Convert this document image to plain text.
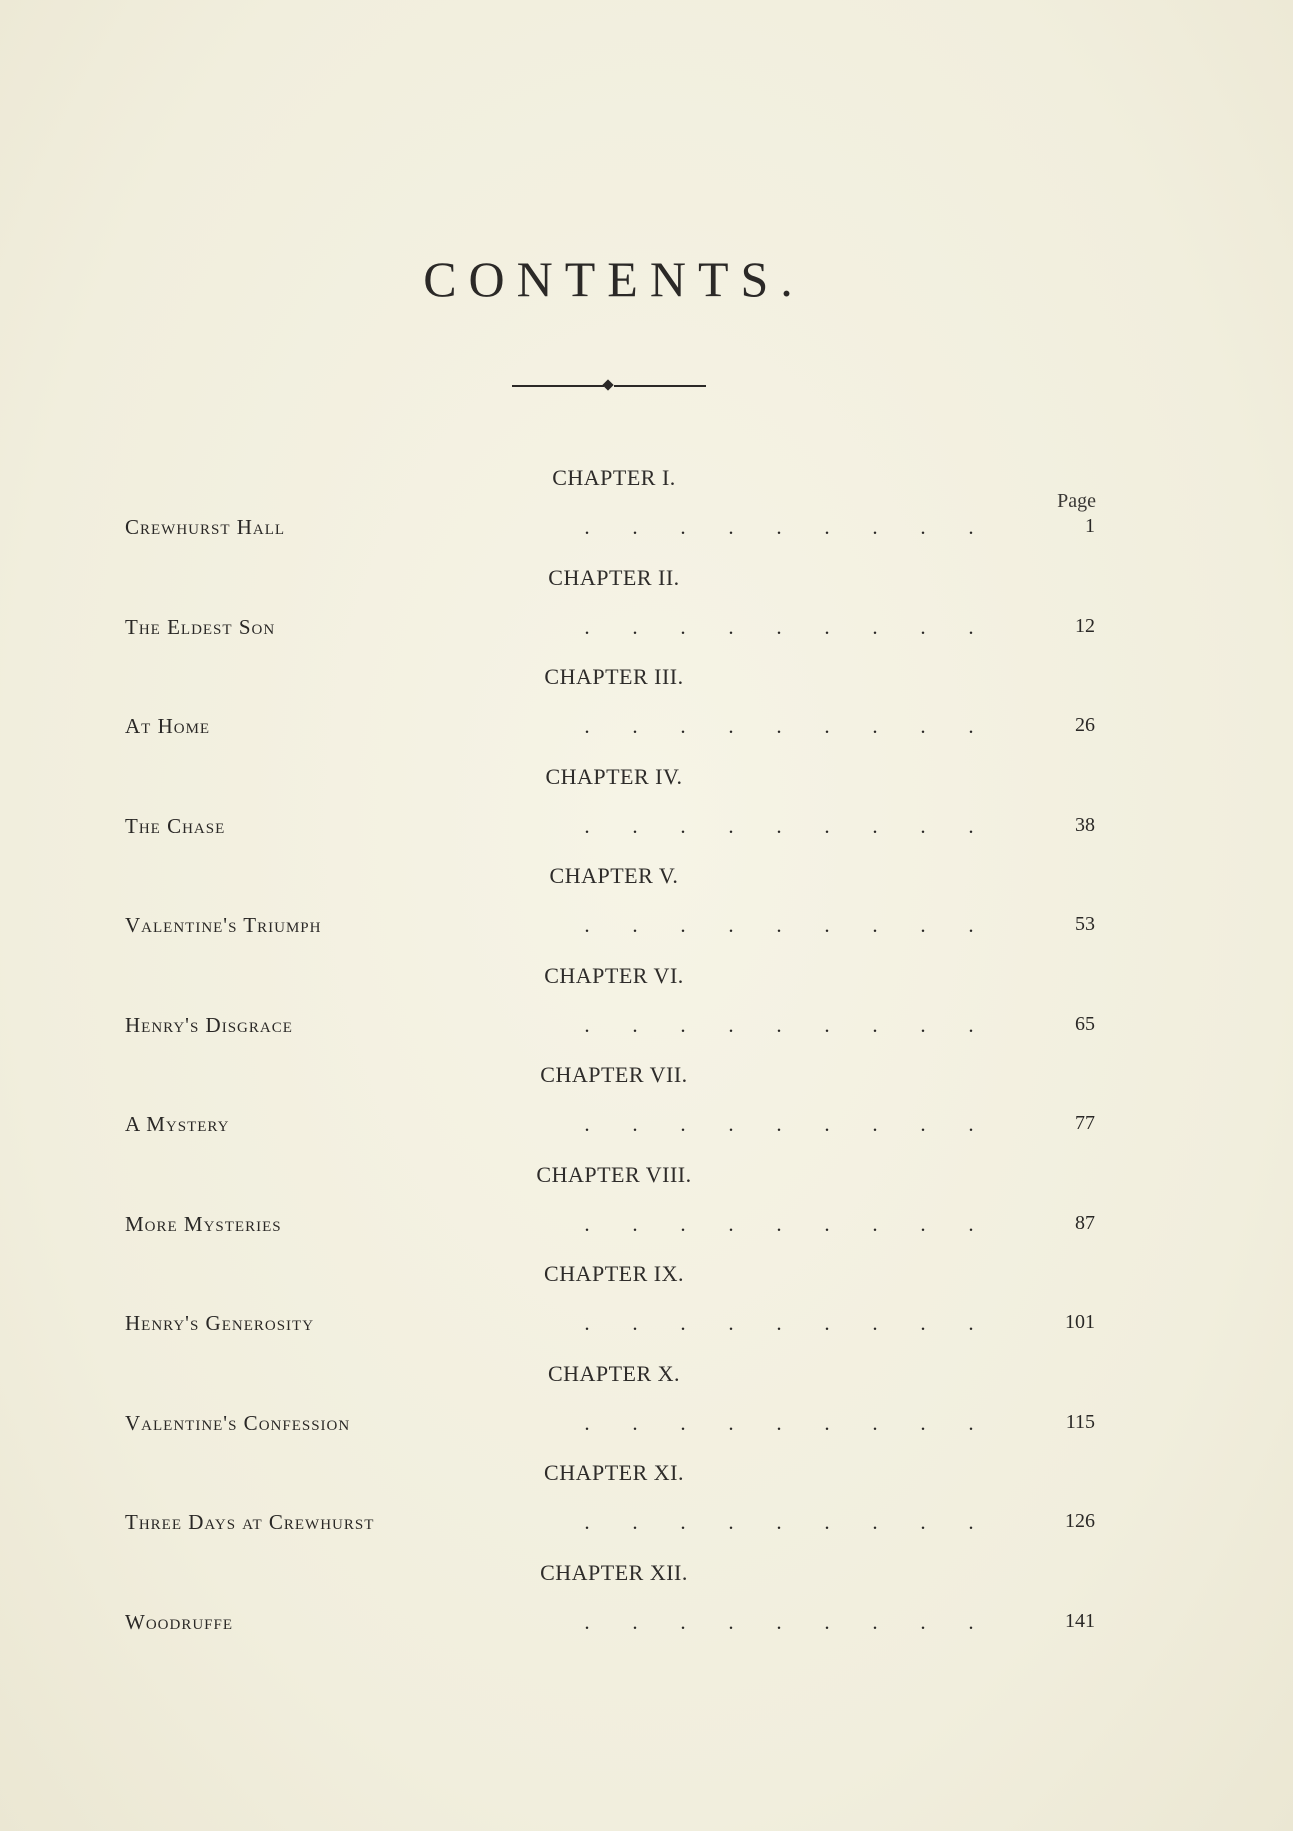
CONTENTS.
Page
CHAPTER I.
Crewhurst Hall	. . . . . . . . .	1
CHAPTER II.
The Eldest Son	. . . . . . . . .	12
CHAPTER III.
At Home	. . . . . . . . .	26
CHAPTER IV.
The Chase	. . . . . . . . .	38
CHAPTER V.
Valentine's Triumph	. . . . . . . . .	53
CHAPTER VI.
Henry's Disgrace	. . . . . . . . .	65
CHAPTER VII.
A Mystery	. . . . . . . . .	77
CHAPTER VIII.
More Mysteries	. . . . . . . . .	87
CHAPTER IX.
Henry's Generosity	. . . . . . . . .	101
CHAPTER X.
Valentine's Confession	. . . . . . . . .	115
CHAPTER XI.
Three Days at Crewhurst	. . . . . . . . .	126
CHAPTER XII.
Woodruffe	. . . . . . . . .	141
